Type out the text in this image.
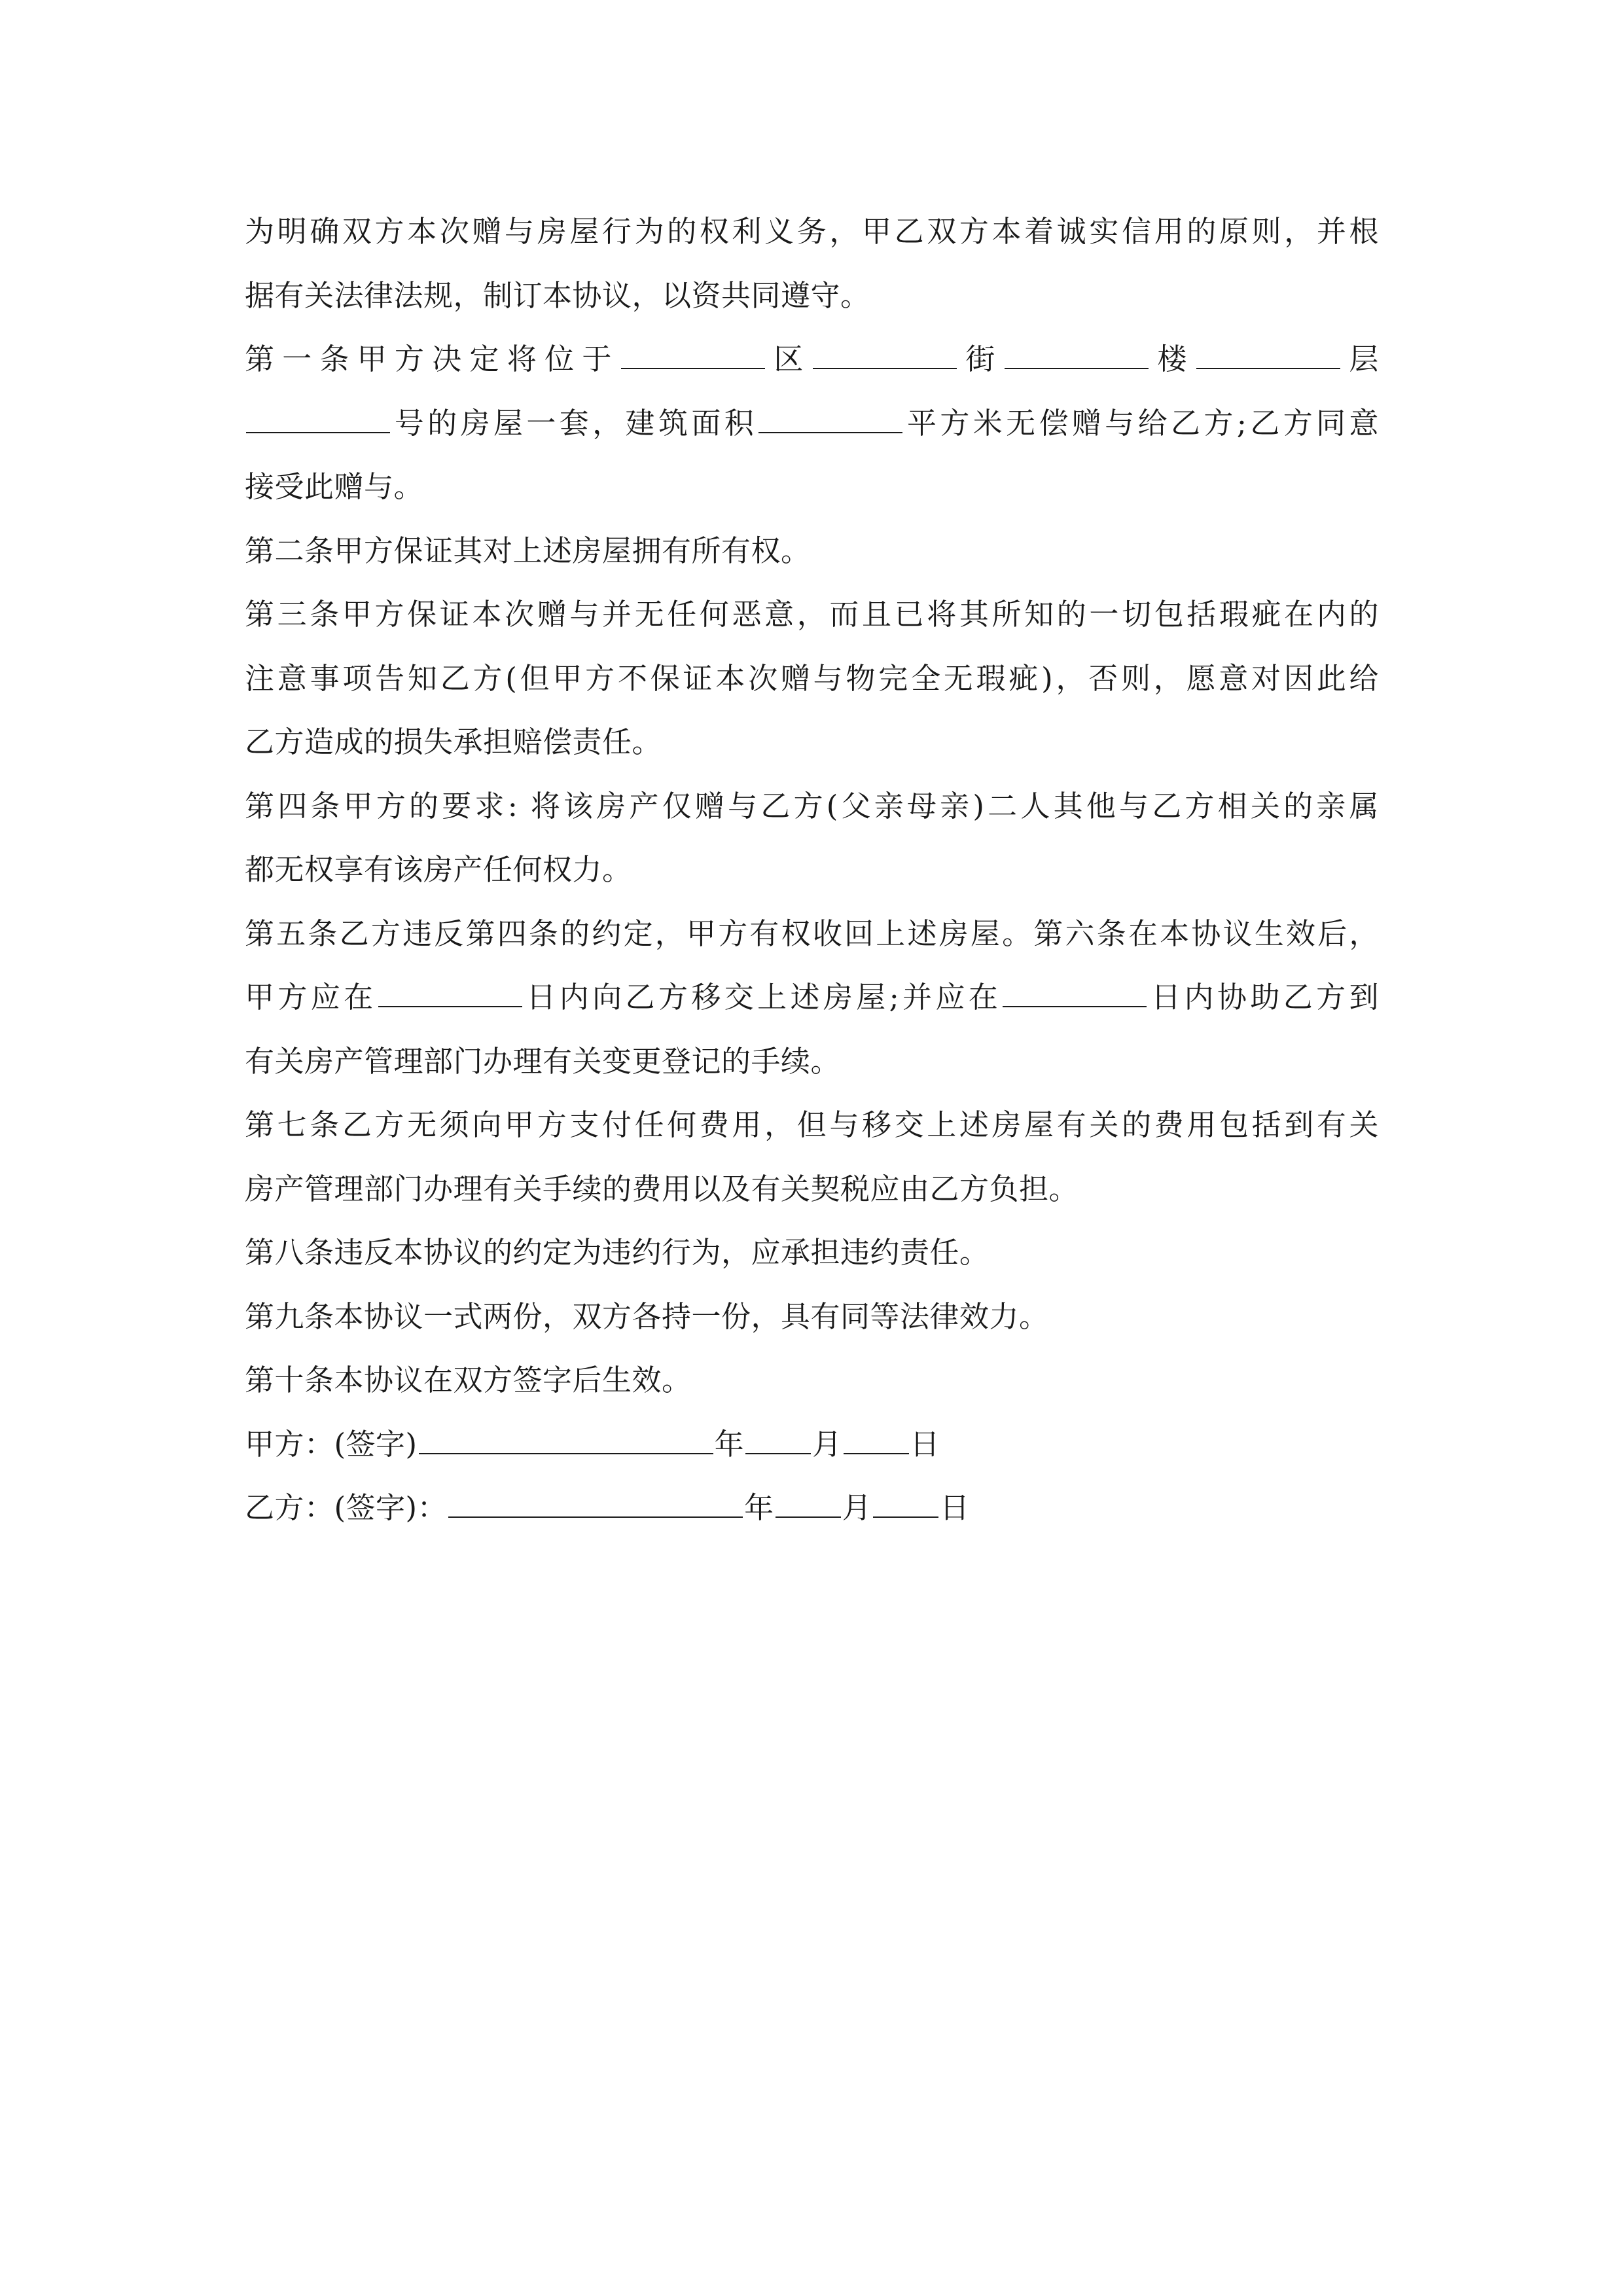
为明确双方本次赠与房屋行为的权利义务，甲乙双方本着诚实信用的原则，并根
据有关法律法规，制订本协议，以资共同遵守。
第一条甲方决定将位于	区	街	楼	层
号的房屋一套，建筑面积	平方米无偿赠与给乙方;乙方同意
接受此赠与。
第二条甲方保证其对上述房屋拥有所有权。
第三条甲方保证本次赠与并无任何恶意，而且已将其所知的一切包括瑕疵在内的
注意事项告知乙方(但甲方不保证本次赠与物完全无瑕疵)，否则，愿意对因此给
乙方造成的损失承担赔偿责任。
第四条甲方的要求: 将该房产仅赠与乙方(父亲母亲)二人其他与乙方相关的亲属
都无权享有该房产任何权力。
第五条乙方违反第四条的约定，甲方有权收回上述房屋。第六条在本协议生效后，
甲方应在	日内向乙方移交上述房屋;并应在	日内协助乙方到
有关房产管理部门办理有关变更登记的手续。
第七条乙方无须向甲方支付任何费用，但与移交上述房屋有关的费用包括到有关
房产管理部门办理有关手续的费用以及有关契税应由乙方负担。
第八条违反本协议的约定为违约行为，应承担违约责任。
第九条本协议一式两份，双方各持一份，具有同等法律效力。
第十条本协议在双方签字后生效。
甲方：(签字)	年 月 日
乙方：(签字)：	年 月 日
